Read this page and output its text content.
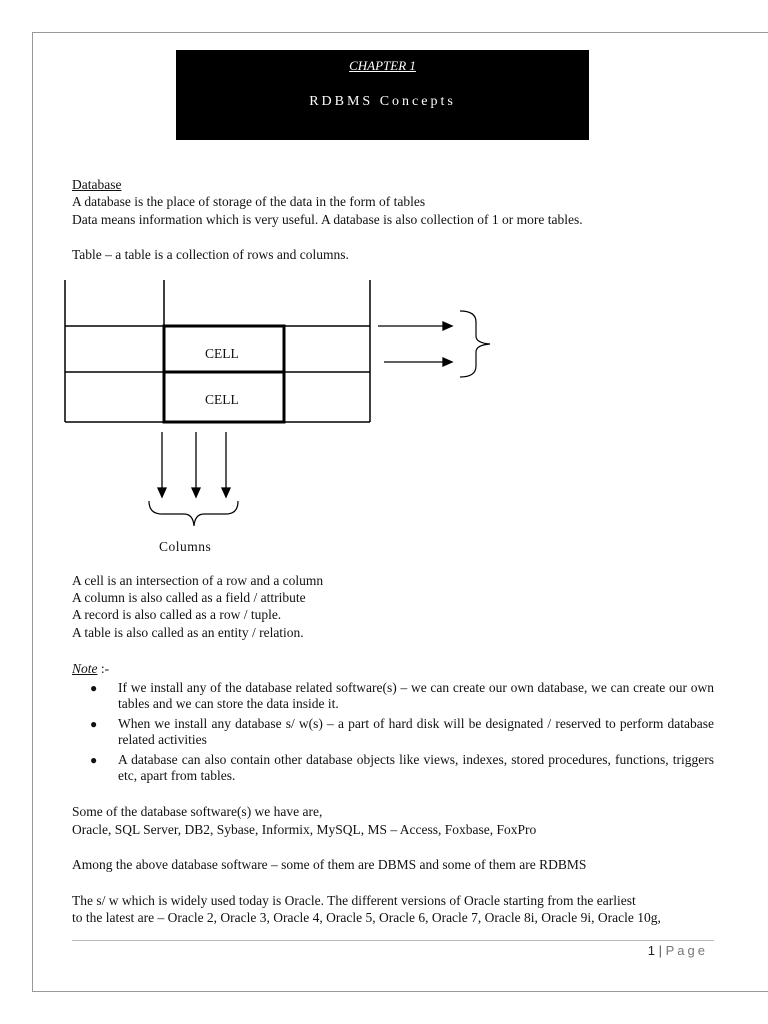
CHAPTER 1
RDBMS Concepts
Database
A database is the place of storage of the data in the form of tables
Data means information which is very useful. A database is also collection of 1 or more tables.
Table – a table is a collection of rows and columns.
CELL
CELL
Columns
A cell is an intersection of a row and a column
A column is also called as a field / attribute
A record is also called as a row / tuple.
A table is also called as an entity / relation.
Note :-
●	If we install any of the database related software(s) – we can create our own database, we can create our own tables and we can store the data inside it.
●	When we install any database s/ w(s) – a part of hard disk will be designated / reserved to perform database related activities
●	A database can also contain other database objects like views, indexes, stored procedures, functions, triggers etc, apart from tables.
Some of the database software(s) we have are,
Oracle, SQL Server, DB2, Sybase, Informix, MySQL, MS – Access, Foxbase, FoxPro
Among the above database software – some of them are DBMS and some of them are RDBMS
The s/ w which is widely used today is Oracle. The different versions of Oracle starting from the earliest
to the latest are – Oracle 2, Oracle 3, Oracle 4, Oracle 5, Oracle 6, Oracle 7, Oracle 8i, Oracle 9i, Oracle 10g,
1 | Page
